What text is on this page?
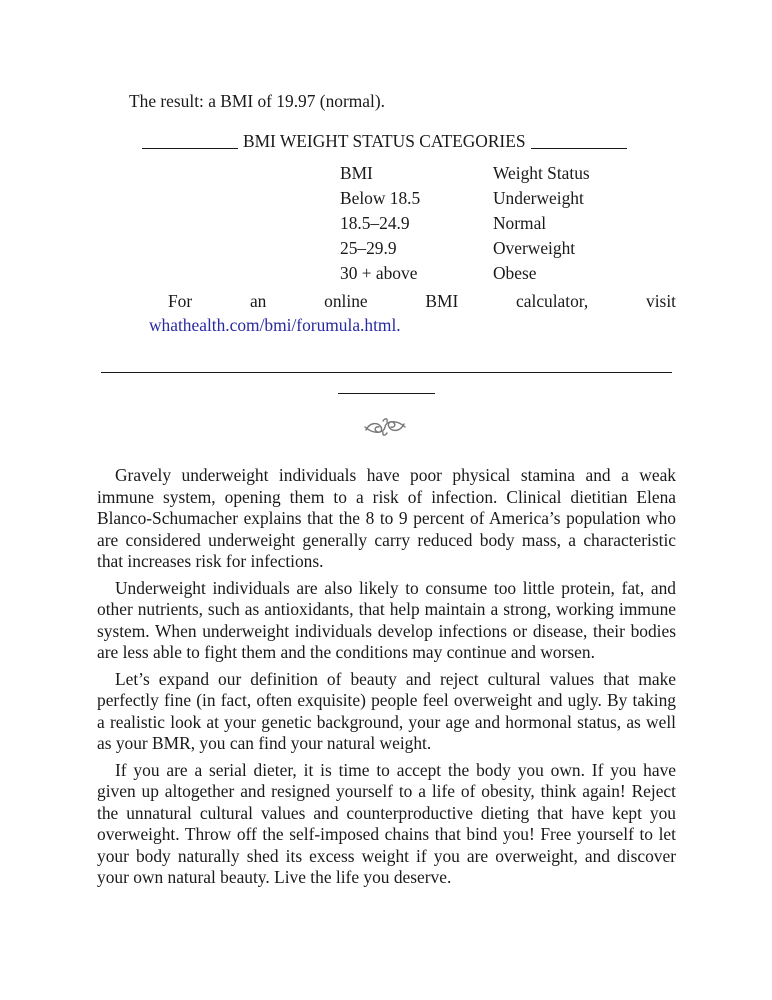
The result: a BMI of 19.97 (normal).
BMI WEIGHT STATUS CATEGORIES
BMI	Weight Status
Below 18.5	Underweight
18.5–24.9	Normal
25–29.9	Overweight
30 + above	Obese
For	an	online	BMI	calculator,	visit
whathealth.com/bmi/forumula.html.

Gravely underweight individuals have poor physical stamina and a weak immune system, opening them to a risk of infection. Clinical dietitian Elena Blanco-Schumacher explains that the 8 to 9 percent of America’s population who are considered underweight generally carry reduced body mass, a characteristic that increases risk for infections.

Underweight individuals are also likely to consume too little protein, fat, and other nutrients, such as antioxidants, that help maintain a strong, working immune system. When underweight individuals develop infections or disease, their bodies are less able to fight them and the conditions may continue and worsen.

Let’s expand our definition of beauty and reject cultural values that make perfectly fine (in fact, often exquisite) people feel overweight and ugly. By taking a realistic look at your genetic background, your age and hormonal status, as well as your BMR, you can find your natural weight.

If you are a serial dieter, it is time to accept the body you own. If you have given up altogether and resigned yourself to a life of obesity, think again! Reject the unnatural cultural values and counterproductive dieting that have kept you overweight. Throw off the self-imposed chains that bind you! Free yourself to let your body naturally shed its excess weight if you are overweight, and discover your own natural beauty. Live the life you deserve.
